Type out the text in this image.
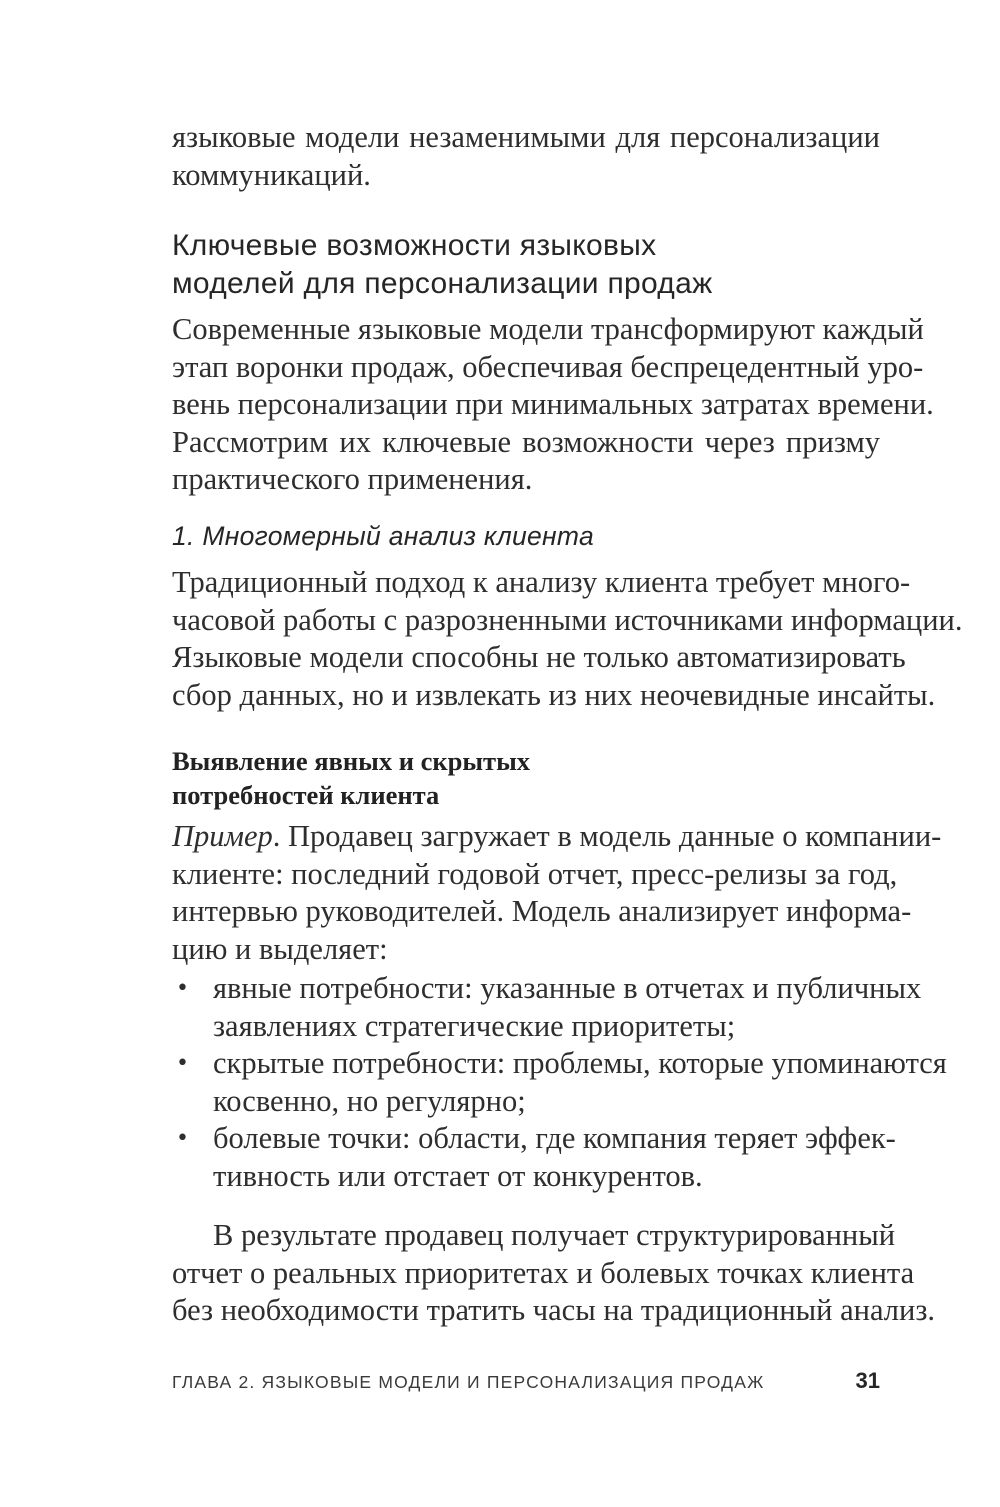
языковые модели незаменимыми для персонализации
коммуникаций.
Ключевые возможности языковых
моделей для персонализации продаж
Современные языковые модели трансформируют каждый
этап воронки продаж, обеспечивая беспрецедентный уро-
вень персонализации при минимальных затратах времени.
Рассмотрим их ключевые возможности через призму
практического применения.
1. Многомерный анализ клиента
Традиционный подход к анализу клиента требует много-
часовой работы с разрозненными источниками информации.
Языковые модели способны не только автоматизировать
сбор данных, но и извлекать из них неочевидные инсайты.
Выявление явных и скрытых
потребностей клиента
Пример. Продавец загружает в модель данные о компании-
клиенте: последний годовой отчет, пресс-релизы за год,
интервью руководителей. Модель анализирует информа-
цию и выделяет:
• явные потребности: указанные в отчетах и публичных
заявлениях стратегические приоритеты;
• скрытые потребности: проблемы, которые упоминаются
косвенно, но регулярно;
• болевые точки: области, где компания теряет эффек-
тивность или отстает от конкурентов.
В результате продавец получает структурированный
отчет о реальных приоритетах и болевых точках клиента
без необходимости тратить часы на традиционный анализ.
ГЛАВА 2. ЯЗЫКОВЫЕ МОДЕЛИ И ПЕРСОНАЛИЗАЦИЯ ПРОДАЖ	31
